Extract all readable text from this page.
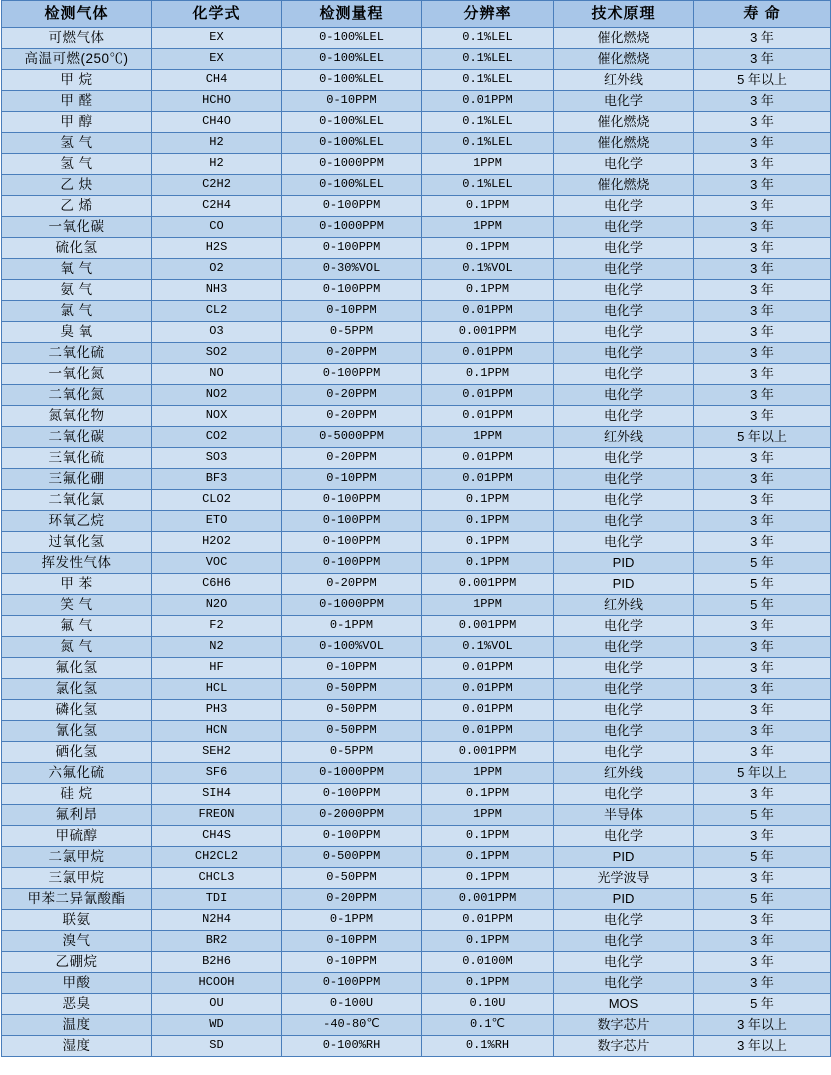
检测气体	化学式	检测量程	分辨率	技术原理	寿 命
可燃气体	EX	0-100%LEL	0.1%LEL	催化燃烧	3 年
高温可燃(250℃)	EX	0-100%LEL	0.1%LEL	催化燃烧	3 年
甲 烷	CH4	0-100%LEL	0.1%LEL	红外线	5 年以上
甲 醛	HCHO	0-10PPM	0.01PPM	电化学	3 年
甲 醇	CH4O	0-100%LEL	0.1%LEL	催化燃烧	3 年
氢 气	H2	0-100%LEL	0.1%LEL	催化燃烧	3 年
氢 气	H2	0-1000PPM	1PPM	电化学	3 年
乙 炔	C2H2	0-100%LEL	0.1%LEL	催化燃烧	3 年
乙 烯	C2H4	0-100PPM	0.1PPM	电化学	3 年
一氧化碳	CO	0-1000PPM	1PPM	电化学	3 年
硫化氢	H2S	0-100PPM	0.1PPM	电化学	3 年
氧 气	O2	0-30%VOL	0.1%VOL	电化学	3 年
氨 气	NH3	0-100PPM	0.1PPM	电化学	3 年
氯 气	CL2	0-10PPM	0.01PPM	电化学	3 年
臭 氧	O3	0-5PPM	0.001PPM	电化学	3 年
二氧化硫	SO2	0-20PPM	0.01PPM	电化学	3 年
一氧化氮	NO	0-100PPM	0.1PPM	电化学	3 年
二氧化氮	NO2	0-20PPM	0.01PPM	电化学	3 年
氮氧化物	NOX	0-20PPM	0.01PPM	电化学	3 年
二氧化碳	CO2	0-5000PPM	1PPM	红外线	5 年以上
三氧化硫	SO3	0-20PPM	0.01PPM	电化学	3 年
三氟化硼	BF3	0-10PPM	0.01PPM	电化学	3 年
二氧化氯	CLO2	0-100PPM	0.1PPM	电化学	3 年
环氧乙烷	ETO	0-100PPM	0.1PPM	电化学	3 年
过氧化氢	H2O2	0-100PPM	0.1PPM	电化学	3 年
挥发性气体	VOC	0-100PPM	0.1PPM	PID	5 年
甲 苯	C6H6	0-20PPM	0.001PPM	PID	5 年
笑 气	N2O	0-1000PPM	1PPM	红外线	5 年
氟 气	F2	0-1PPM	0.001PPM	电化学	3 年
氮 气	N2	0-100%VOL	0.1%VOL	电化学	3 年
氟化氢	HF	0-10PPM	0.01PPM	电化学	3 年
氯化氢	HCL	0-50PPM	0.01PPM	电化学	3 年
磷化氢	PH3	0-50PPM	0.01PPM	电化学	3 年
氰化氢	HCN	0-50PPM	0.01PPM	电化学	3 年
硒化氢	SEH2	0-5PPM	0.001PPM	电化学	3 年
六氟化硫	SF6	0-1000PPM	1PPM	红外线	5 年以上
硅 烷	SIH4	0-100PPM	0.1PPM	电化学	3 年
氟利昂	FREON	0-2000PPM	1PPM	半导体	5 年
甲硫醇	CH4S	0-100PPM	0.1PPM	电化学	3 年
二氯甲烷	CH2CL2	0-500PPM	0.1PPM	PID	5 年
三氯甲烷	CHCL3	0-50PPM	0.1PPM	光学波导	3 年
甲苯二异氰酸酯	TDI	0-20PPM	0.001PPM	PID	5 年
联氨	N2H4	0-1PPM	0.01PPM	电化学	3 年
溴气	BR2	0-10PPM	0.1PPM	电化学	3 年
乙硼烷	B2H6	0-10PPM	0.0100M	电化学	3 年
甲酸	HCOOH	0-100PPM	0.1PPM	电化学	3 年
恶臭	OU	0-100U	0.10U	MOS	5 年
温度	WD	-40-80℃	0.1℃	数字芯片	3 年以上
湿度	SD	0-100%RH	0.1%RH	数字芯片	3 年以上
